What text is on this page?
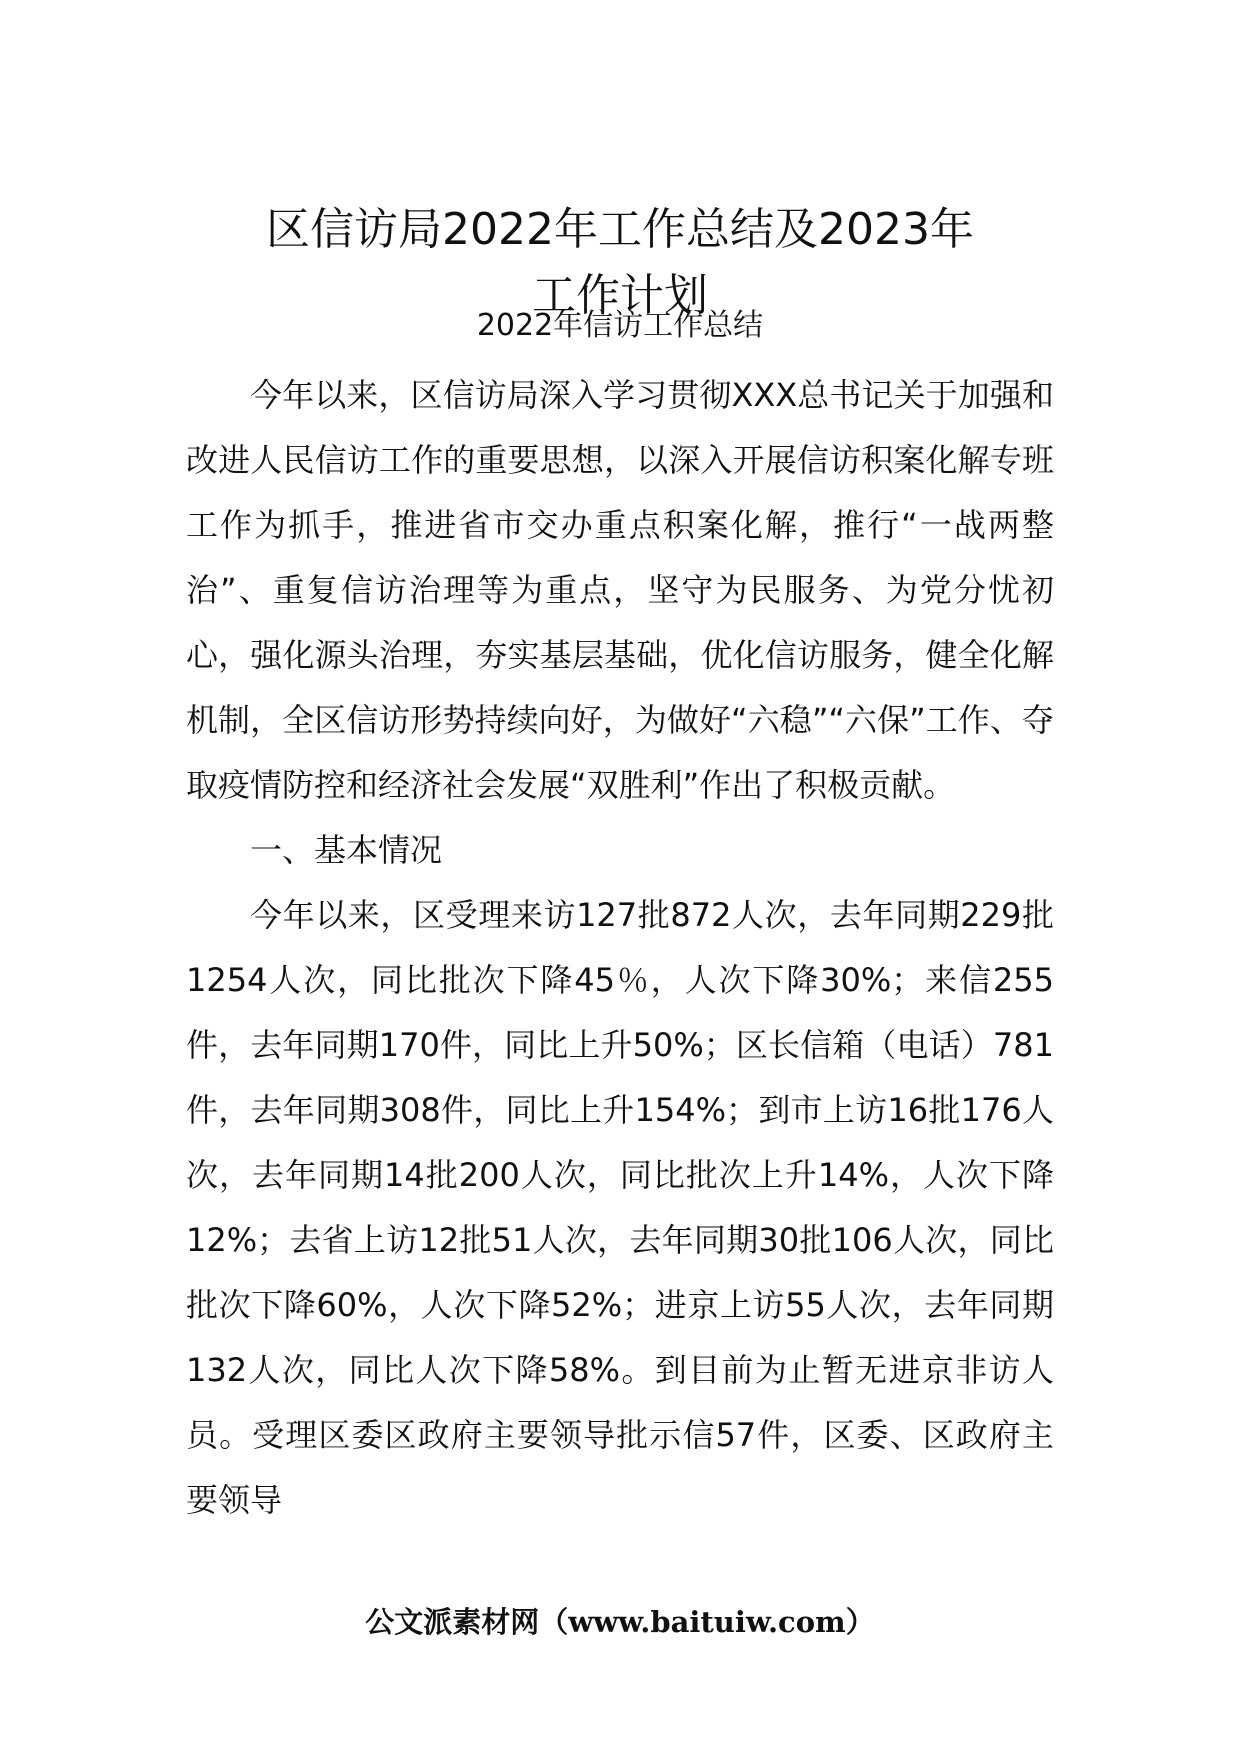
区信访局2022年工作总结及2023年
工作计划
2022年信访工作总结

今年以来，区信访局深入学习贯彻XXX总书记关于加强和改进人民信访工作的重要思想，以深入开展信访积案化解专班工作为抓手，推进省市交办重点积案化解，推行“一战两整治”、重复信访治理等为重点，坚守为民服务、为党分忧初心，强化源头治理，夯实基层基础，优化信访服务，健全化解机制，全区信访形势持续向好，为做好“六稳”“六保”工作、夺取疫情防控和经济社会发展“双胜利”作出了积极贡献。

一、基本情况

今年以来，区受理来访127批872人次，去年同期229批1254人次，同比批次下降45％，人次下降30%；来信255件，去年同期170件，同比上升50%；区长信箱（电话）781件，去年同期308件，同比上升154%；到市上访16批176人次，去年同期14批200人次，同比批次上升14%，人次下降12%；去省上访12批51人次，去年同期30批106人次，同比批次下降60%，人次下降52%；进京上访55人次，去年同期132人次，同比人次下降58%。到目前为止暂无进京非访人员。受理区委区政府主要领导批示信57件，区委、区政府主要领导

公文派素材网（www.baituiw.com）
